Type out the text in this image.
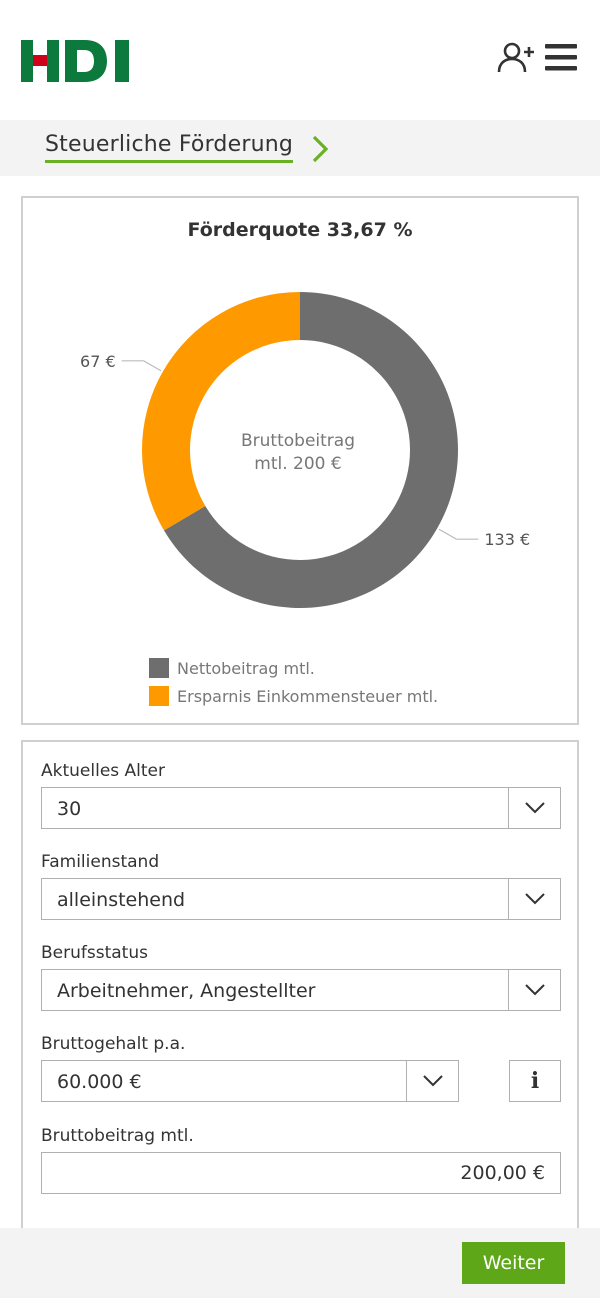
Steuerliche Förderung
Förderquote 33,67 %
133 €
67 €
Bruttobeitrag
mtl. 200 €
Nettobeitrag mtl.
Ersparnis Einkommensteuer mtl.
Aktuelles Alter
30
Familienstand
alleinstehend
Berufsstatus
Arbeitnehmer, Angestellter
Bruttogehalt p.a.
60.000 €	i
Bruttobeitrag mtl.
200,00 €
Weiter
